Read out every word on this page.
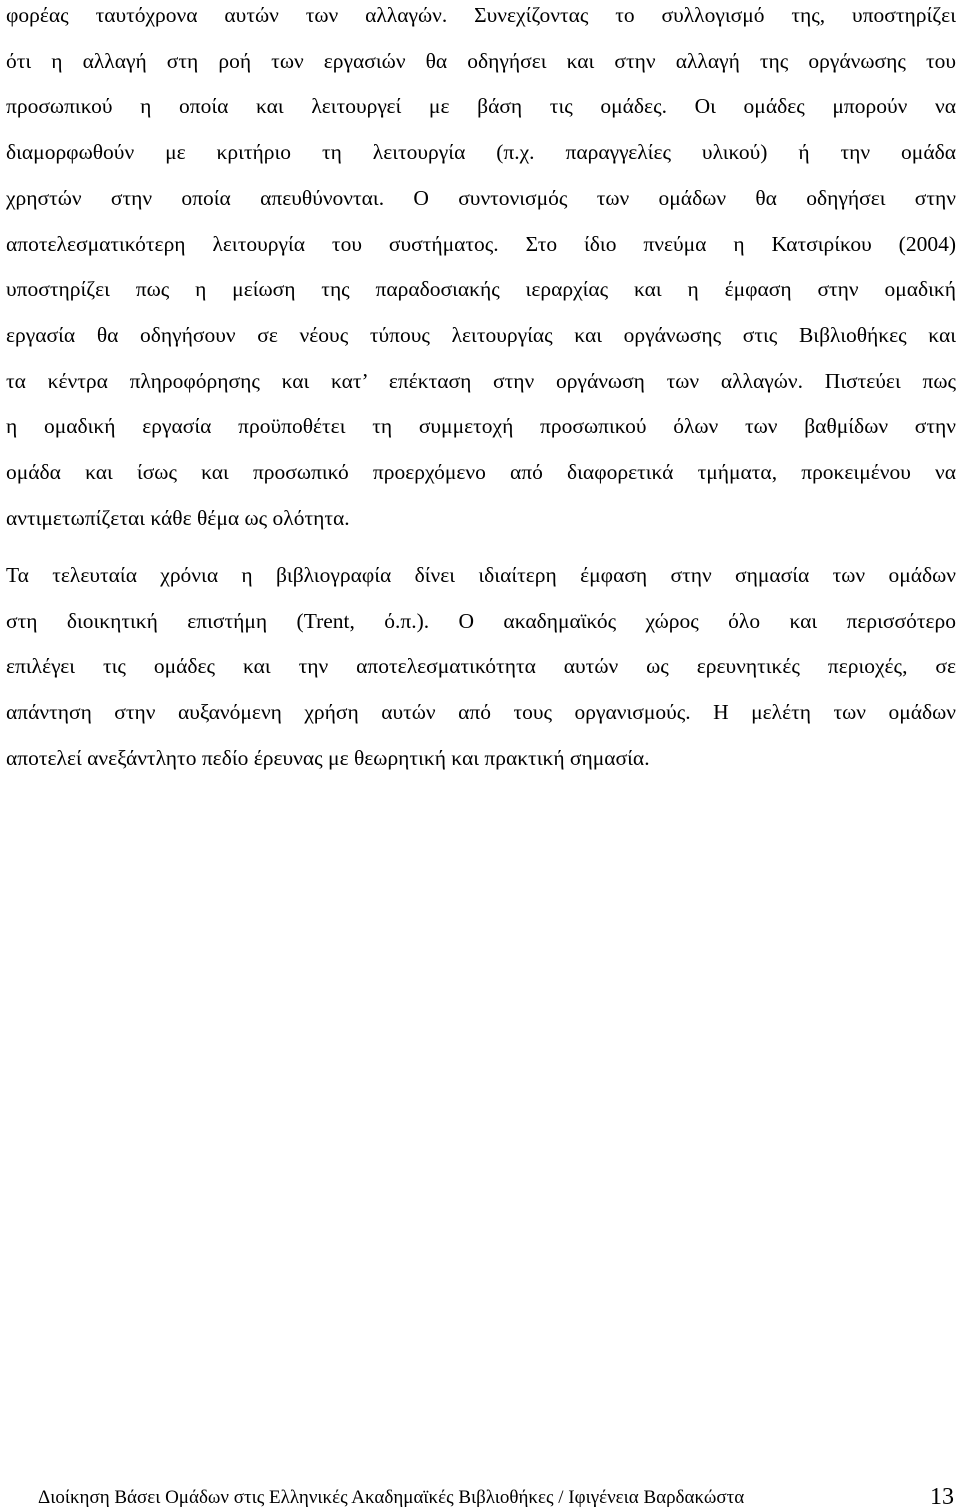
φορέας ταυτόχρονα αυτών των αλλαγών. Συνεχίζοντας το συλλογισμό της, υποστηρίζει
ότι η αλλαγή στη ροή των εργασιών θα οδηγήσει και στην αλλαγή της οργάνωσης του
προσωπικού η οποία και λειτουργεί με βάση τις ομάδες. Οι ομάδες μπορούν να
διαμορφωθούν με κριτήριο τη λειτουργία (π.χ. παραγγελίες υλικού) ή την ομάδα
χρηστών στην οποία απευθύνονται. Ο συντονισμός των ομάδων θα οδηγήσει στην
αποτελεσματικότερη λειτουργία του συστήματος. Στο ίδιο πνεύμα η Κατσιρίκου (2004)
υποστηρίζει πως η μείωση της παραδοσιακής ιεραρχίας και η έμφαση στην ομαδική
εργασία θα οδηγήσουν σε νέους τύπους λειτουργίας και οργάνωσης στις Βιβλιοθήκες και
τα κέντρα πληροφόρησης και κατ’ επέκταση στην οργάνωση των αλλαγών. Πιστεύει πως
η ομαδική εργασία προϋποθέτει τη συμμετοχή προσωπικού όλων των βαθμίδων στην
ομάδα και ίσως και προσωπικό προερχόμενο από διαφορετικά τμήματα, προκειμένου να
αντιμετωπίζεται κάθε θέμα ως ολότητα.

Τα τελευταία χρόνια η βιβλιογραφία δίνει ιδιαίτερη έμφαση στην σημασία των ομάδων
στη διοικητική επιστήμη (Trent, ό.π.). Ο ακαδημαϊκός χώρος όλο και περισσότερο
επιλέγει τις ομάδες και την αποτελεσματικότητα αυτών ως ερευνητικές περιοχές, σε
απάντηση στην αυξανόμενη χρήση αυτών από τους οργανισμούς. Η μελέτη των ομάδων
αποτελεί ανεξάντλητο πεδίο έρευνας με θεωρητική και πρακτική σημασία.

Διοίκηση Βάσει Ομάδων στις Ελληνικές Ακαδημαϊκές Βιβλιοθήκες / Ιφιγένεια Βαρδακώστα	13
